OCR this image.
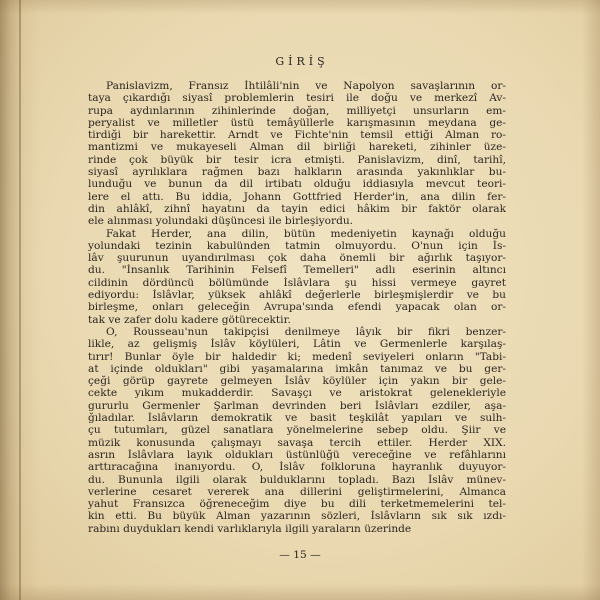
GİRİŞ
Panislavizm, Fransız İhtilâli'nin ve Napolyon savaşlarının or-
taya çıkardığı siyasî problemlerin tesiri ile doğu ve merkezî Av-
rupa aydınlarının zihinlerinde doğan, milliyetçi unsurların em-
peryalist ve milletler üstü temâyüllerle karışmasının meydana ge-
tirdiği bir harekettir. Arndt ve Fichte'nin temsil ettiği Alman ro-
mantizmi ve mukayeseli Alman dil birliği hareketi, zihinler üze-
rinde çok büyük bir tesir icra etmişti. Panislavizm, dinî, tarihî,
siyasî ayrılıklara rağmen bazı halkların arasında yakınlıklar bu-
lunduğu ve bunun da dil irtibatı olduğu iddiasıyla mevcut teori-
lere el attı. Bu iddia, Johann Gottfried Herder'in, ana dilin fer-
din ahlâkî, zihnî hayatını da tayin edici hâkim bir faktör olarak
ele alınması yolundaki düşüncesi ile birleşiyordu.
Fakat Herder, ana dilin, bütün medeniyetin kaynağı olduğu
yolundaki tezinin kabulünden tatmin olmuyordu. O'nun için İs-
lâv şuurunun uyandırılması çok daha önemli bir ağırlık taşıyor-
du. "İnsanlık Tarihinin Felsefî Temelleri" adlı eserinin altıncı
cildinin dördüncü bölümünde İslâvlara şu hissi vermeye gayret
ediyordu: İslâvlar, yüksek ahlâkî değerlerle birleşmişlerdir ve bu
birleşme, onları geleceğin Avrupa'sında efendi yapacak olan or-
tak ve zafer dolu kadere götürecektir.
O, Rousseau'nun takipçisi denilmeye lâyık bir fikri benzer-
likle, az gelişmiş İslâv köylüleri, Lâtin ve Germenlerle karşılaş-
tırır! Bunlar öyle bir haldedir ki; medenî seviyeleri onların "Tabi-
at içinde oldukları" gibi yaşamalarına imkân tanımaz ve bu ger-
çeği görüp gayrete gelmeyen İslâv köylüler için yakın bir gele-
cekte yıkım mukadderdir. Savaşçı ve aristokrat gelenekleriyle
gururlu Germenler Şarlman devrinden beri İslâvları ezdiler, aşa-
ğıladılar. İslâvların demokratik ve basit teşkilât yapıları ve sulh-
çu tutumları, güzel sanatlara yönelmelerine sebep oldu. Şiir ve
müzik konusunda çalışmayı savaşa tercih ettiler. Herder XIX.
asrın İslâvlara layık oldukları üstünlüğü vereceğine ve refâhlarını
arttıracağına inanıyordu. O, İslâv folkloruna hayranlık duyuyor-
du. Bununla ilgili olarak bulduklarını topladı. Bazı İslâv münev-
verlerine cesaret vererek ana dillerini geliştirmelerini, Almanca
yahut Fransızca öğreneceğim diye bu dili terketmemelerini tel-
kin etti. Bu büyük Alman yazarının sözleri, İslâvların sık sık ızdı-
rabını duydukları kendi varlıklarıyla ilgili yaraların üzerinde
— 15 —
